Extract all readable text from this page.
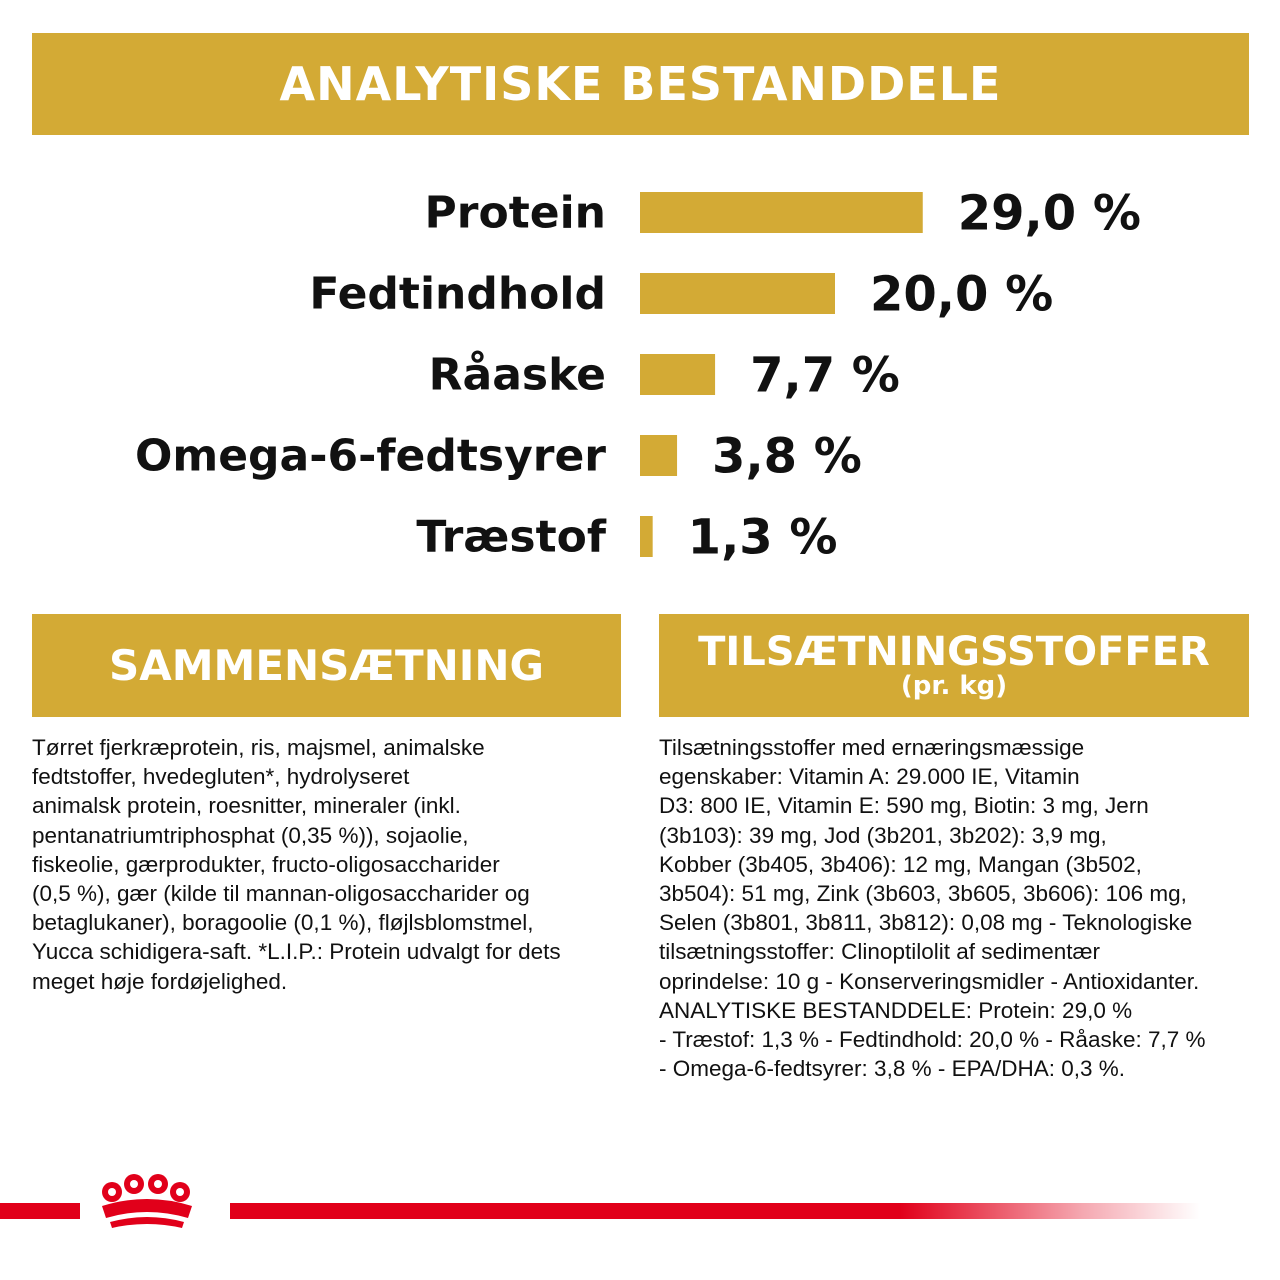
ANALYTISKE BESTANDDELE
Protein	29,0 %
Fedtindhold	20,0 %
Råaske	7,7 %
Omega-6-fedtsyrer 3,8 %
Træstof 1,3 %
SAMMENSÆTNING	TILSÆTNINGSSTOFFER
(pr. kg)
Tørret fjerkræprotein, ris, majsmel, animalske
fedtstoffer, hvedegluten*, hydrolyseret
animalsk protein, roesnitter, mineraler (inkl.
pentanatriumtriphosphat (0,35 %)), sojaolie,
fiskeolie, gærprodukter, fructo-oligosaccharider
(0,5 %), gær (kilde til mannan-oligosaccharider og
betaglukaner), boragoolie (0,1 %), fløjlsblomstmel,
Yucca schidigera-saft. *L.I.P.: Protein udvalgt for dets
meget høje fordøjelighed.
Tilsætningsstoffer med ernæringsmæssige
egenskaber: Vitamin A: 29.000 IE, Vitamin
D3: 800 IE, Vitamin E: 590 mg, Biotin: 3 mg, Jern
(3b103): 39 mg, Jod (3b201, 3b202): 3,9 mg,
Kobber (3b405, 3b406): 12 mg, Mangan (3b502,
3b504): 51 mg, Zink (3b603, 3b605, 3b606): 106 mg,
Selen (3b801, 3b811, 3b812): 0,08 mg - Teknologiske
tilsætningsstoffer: Clinoptilolit af sedimentær
oprindelse: 10 g - Konserveringsmidler - Antioxidanter.
ANALYTISKE BESTANDDELE: Protein: 29,0 %
- Træstof: 1,3 % - Fedtindhold: 20,0 % - Råaske: 7,7 %
- Omega-6-fedtsyrer: 3,8 % - EPA/DHA: 0,3 %.
